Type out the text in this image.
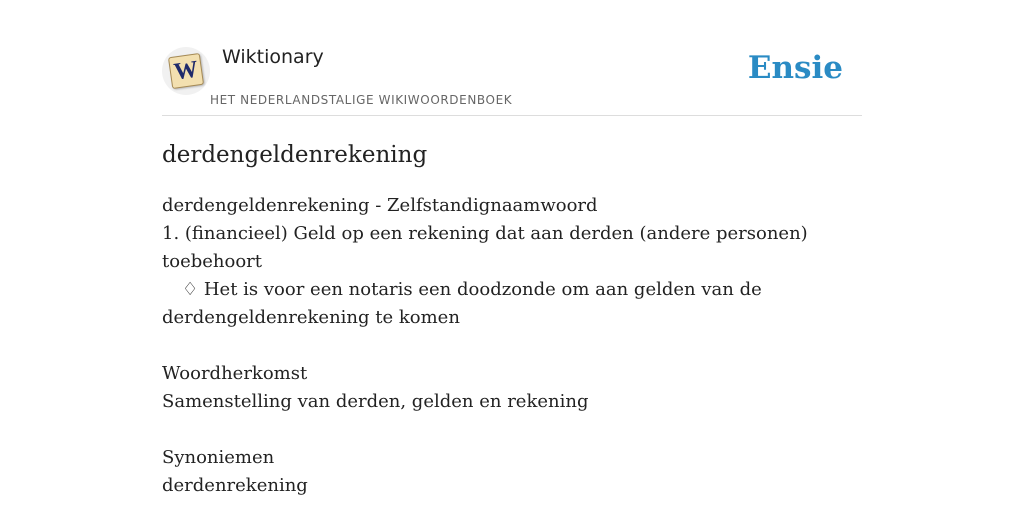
W Wiktionary
HET NEDERLANDSTALIGE WIKIWOORDENBOEK
Ensie
derdengeldenrekening
derdengeldenrekening - Zelfstandignaamwoord
1. (financieel) Geld op een rekening dat aan derden (andere personen) toebehoort
♢ Het is voor een notaris een doodzonde om aan gelden van de derdengeldenrekening te komen
Woordherkomst
Samenstelling van derden, gelden en rekening
Synoniemen
derdenrekening
